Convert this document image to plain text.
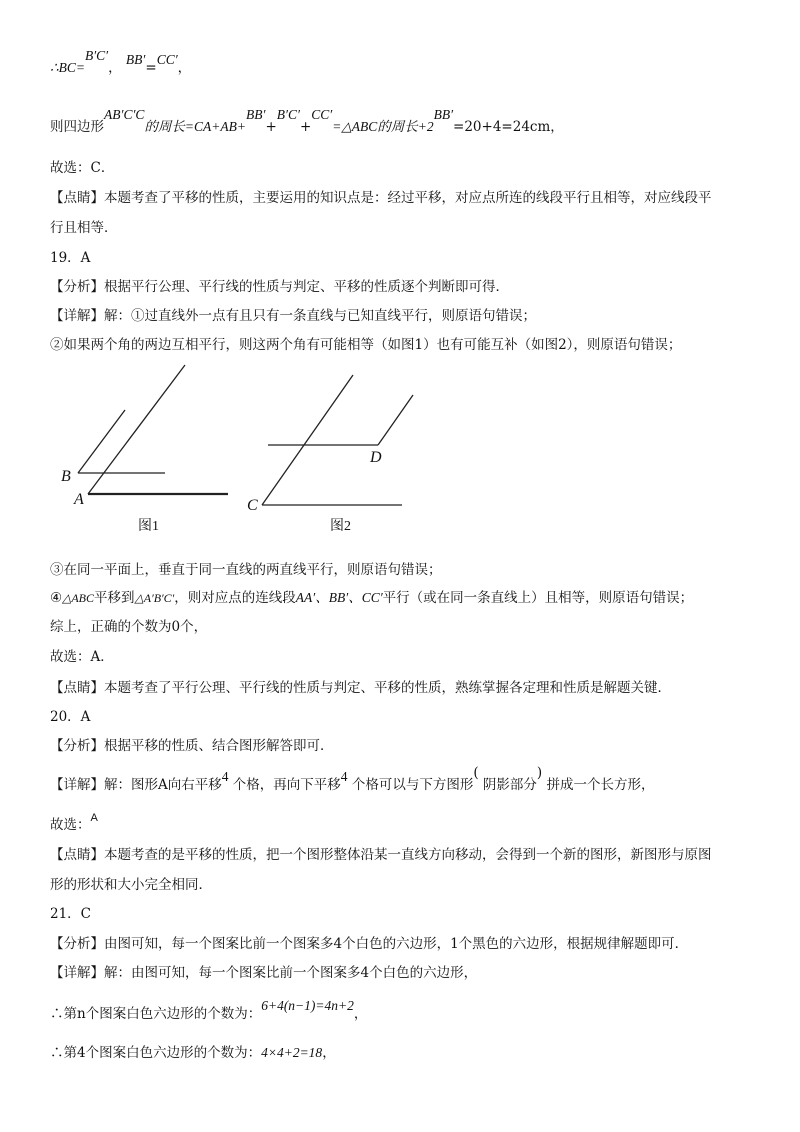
∴BC=B′C′， BB′=CC′，
则四边形AB′C′C的周长=CA+AB+BB′+B′C′+CC′=△ABC的周长+2BB′=20+4=24cm，
故选：C．
【点睛】本题考查了平移的性质，主要运用的知识点是：经过平移，对应点所连的线段平行且相等，对应线段平
行且相等．
19．A
【分析】根据平行公理、平行线的性质与判定、平移的性质逐个判断即可得．
【详解】解：①过直线外一点有且只有一条直线与已知直线平行，则原语句错误；
②如果两个角的两边互相平行，则这两个角有可能相等（如图1）也有可能互补（如图2），则原语句错误；
B
A
图1
D
C
图2
③在同一平面上，垂直于同一直线的两直线平行，则原语句错误；
④△ABC平移到△A′B′C′，则对应点的连线段AA′、BB′、CC′平行（或在同一条直线上）且相等，则原语句错误；
综上，正确的个数为0个，
故选：A．
【点睛】本题考查了平行公理、平行线的性质与判定、平移的性质，熟练掌握各定理和性质是解题关键．
20．A
【分析】根据平移的性质、结合图形解答即可．
【详解】解：图形A向右平移4 个格，再向下平移4 个格可以与下方图形( 阴影部分) 拼成一个长方形，
故选：$^A$
【点睛】本题考查的是平移的性质，把一个图形整体沿某一直线方向移动，会得到一个新的图形，新图形与原图
形的形状和大小完全相同．
21．C
【分析】由图可知，每一个图案比前一个图案多4个白色的六边形，1个黑色的六边形，根据规律解题即可．
【详解】解：由图可知，每一个图案比前一个图案多4个白色的六边形，
∴第n个图案白色六边形的个数为：6+4(n−1)=4n+2，
∴第4个图案白色六边形的个数为：4×4+2=18，
